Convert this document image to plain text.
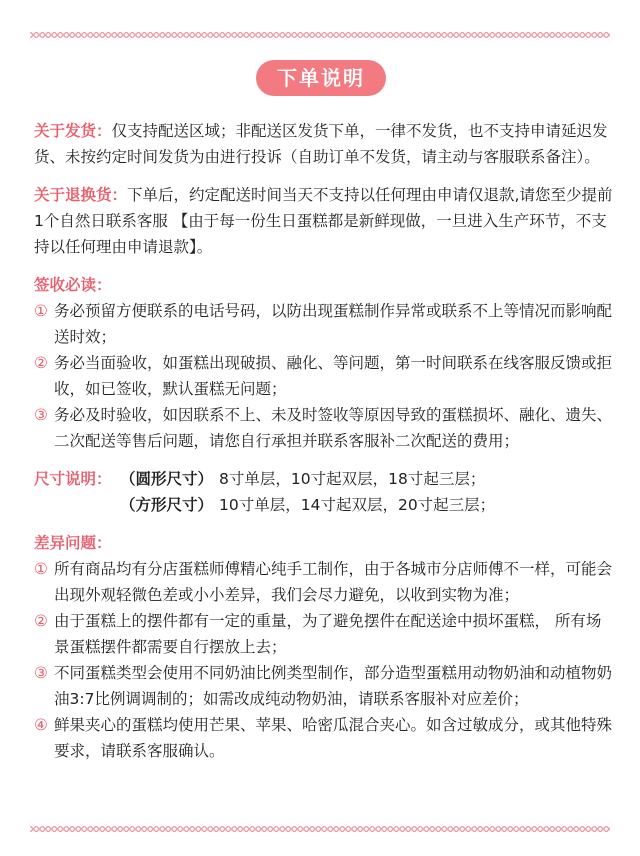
下单说明

关于发货：仅支持配送区域；非配送区发货下单，一律不发货，也不支持申请延迟发货、未按约定时间发货为由进行投诉（自助订单不发货，请主动与客服联系备注）。

关于退换货：下单后，约定配送时间当天不支持以任何理由申请仅退款,请您至少提前1个自然日联系客服 【由于每一份生日蛋糕都是新鲜现做，一旦进入生产环节，不支持以任何理由申请退款】。

签收必读：
① 务必预留方便联系的电话号码，以防出现蛋糕制作异常或联系不上等情况而影响配送时效；
② 务必当面验收，如蛋糕出现破损、融化、等问题，第一时间联系在线客服反馈或拒收，如已签收，默认蛋糕无问题；
③ 务必及时验收，如因联系不上、未及时签收等原因导致的蛋糕损坏、融化、遗失、二次配送等售后问题，请您自行承担并联系客服补二次配送的费用；
尺寸说明： （圆形尺寸） 8寸单层，10寸起双层，18寸起三层；
（方形尺寸） 10寸单层，14寸起双层，20寸起三层；
差异问题：
① 所有商品均有分店蛋糕师傅精心纯手工制作，由于各城市分店师傅不一样，可能会出现外观轻微色差或小小差异，我们会尽力避免，以收到实物为准；
② 由于蛋糕上的摆件都有一定的重量，为了避免摆件在配送途中损坏蛋糕， 所有场景蛋糕摆件都需要自行摆放上去；
③ 不同蛋糕类型会使用不同奶油比例类型制作，部分造型蛋糕用动物奶油和动植物奶油3:7比例调调制的；如需改成纯动物奶油，请联系客服补对应差价；
④ 鲜果夹心的蛋糕均使用芒果、苹果、哈密瓜混合夹心。如含过敏成分，或其他特殊要求，请联系客服确认。
